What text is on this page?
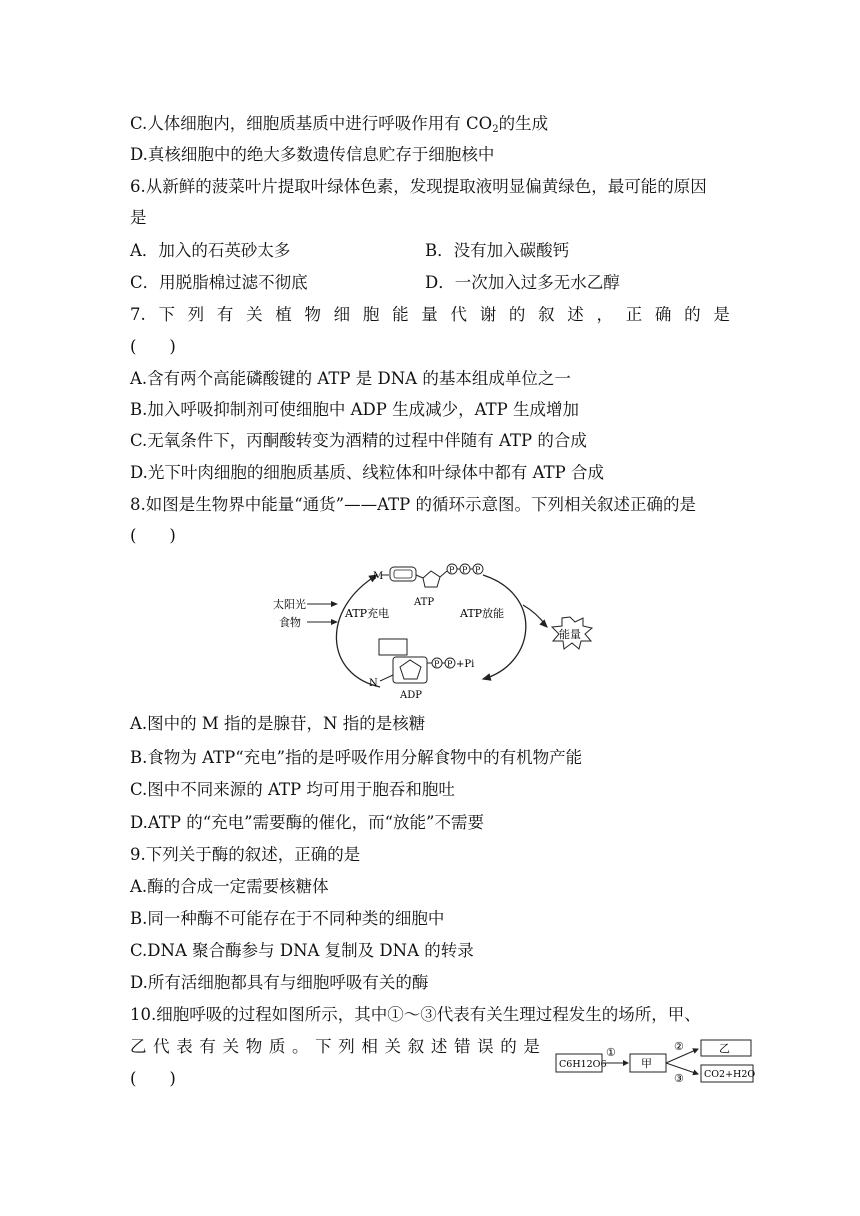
C.人体细胞内，细胞质基质中进行呼吸作用有 $CO_2$的生成
D.真核细胞中的绝大多数遗传信息贮存于细胞核中
6.从新鲜的菠菜叶片提取叶绿体色素，发现提取液明显偏黄绿色，最可能的原因
是
A．加入的石英砂太多	B．没有加入碳酸钙
C．用脱脂棉过滤不彻底	D．一次加入过多无水乙醇
7. 下 列 有 关 植 物 细 胞 能 量 代 谢 的 叙 述 ， 正 确 的 是
(　　)
A.含有两个高能磷酸键的 ATP 是 DNA 的基本组成单位之一
B.加入呼吸抑制剂可使细胞中 ADP 生成减少，ATP 生成增加
C.无氧条件下，丙酮酸转变为酒精的过程中伴随有 ATP 的合成
D.光下叶肉细胞的细胞质基质、线粒体和叶绿体中都有 ATP 合成
8.如图是生物界中能量“通货”——ATP 的循环示意图。下列相关叙述正确的是
(　　)
太阳光
食物
ATP充电	ATP放能
M
P P P
ATP
能量
N
P P +Pi
ADP
A.图中的 M 指的是腺苷，N 指的是核糖
B.食物为 ATP“充电”指的是呼吸作用分解食物中的有机物产能
C.图中不同来源的 ATP 均可用于胞吞和胞吐
D.ATP 的“充电”需要酶的催化，而“放能”不需要
9.下列关于酶的叙述，正确的是
A.酶的合成一定需要核糖体
B.同一种酶不可能存在于不同种类的细胞中
C.DNA 聚合酶参与 DNA 复制及 DNA 的转录
D.所有活细胞都具有与细胞呼吸有关的酶
10.细胞呼吸的过程如图所示，其中①～③代表有关生理过程发生的场所，甲、
乙 代 表 有 关 物 质 。 下 列 相 关 叙 述 错 误 的 是
(　　)
C6H12O6
①
甲
②
③
乙
CO2+H2O
